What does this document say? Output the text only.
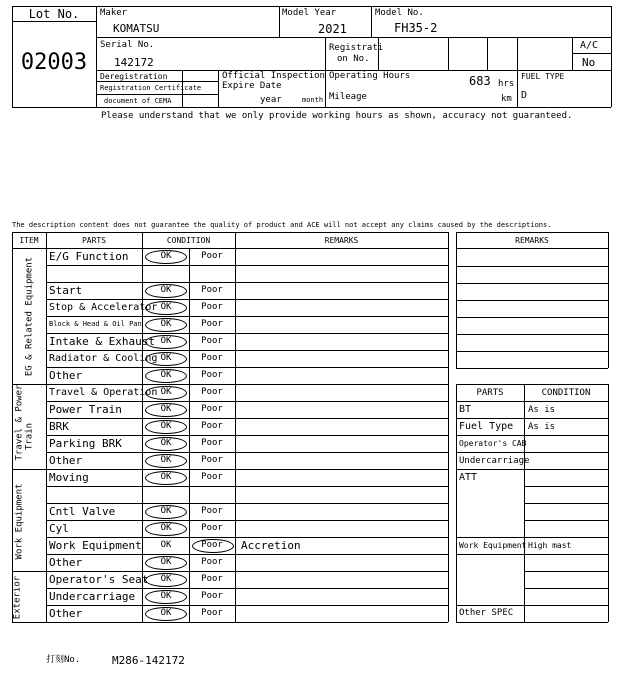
Lot No.
02003
Maker
KOMATSU
Model Year
2021
Model No.
FH35-2
Serial No.
142172
Registrati
on No.
A/C
No
Deregistration
Registration Certificate
document of CEMA
Official Inspection
Expire Date
year	month
Operating Hours	683 hrs
Mileage	km
FUEL TYPE
D
Please understand that we only provide working hours as shown, accuracy not guaranteed.
The description content does not guarantee the quality of product and ACE will not accept any claims caused by the descriptions.
ITEM	PARTS	CONDITION	REMARKS
EG & Related Equipment
Travel & Power Train
Work Equipment
Exterior
E/G Function	OK	Poor
Start	OK	Poor
Stop & Accelerator OK	Poor
Block & Head & Oil Pan	OK	Poor
Intake & Exhaust OK	Poor
Radiator & Cooling OK	Poor
Other	OK	Poor
Travel & Operation OK	Poor
Power Train	OK	Poor
BRK	OK	Poor
Parking BRK	OK	Poor
Other	OK	Poor
Moving	OK	Poor
Cntl Valve	OK	Poor
Cyl	OK	Poor
Work Equipment	OK	Poor	Accretion
Other	OK	Poor
Operator's Seat	OK	Poor
Undercarriage	OK	Poor
Other	OK	Poor
REMARKS
PARTS	CONDITION
BT	As is
Fuel Type As is
Operator's CAB
Undercarriage
ATT
Work Equipment High mast
Other SPEC
打刻No.	M286-142172
